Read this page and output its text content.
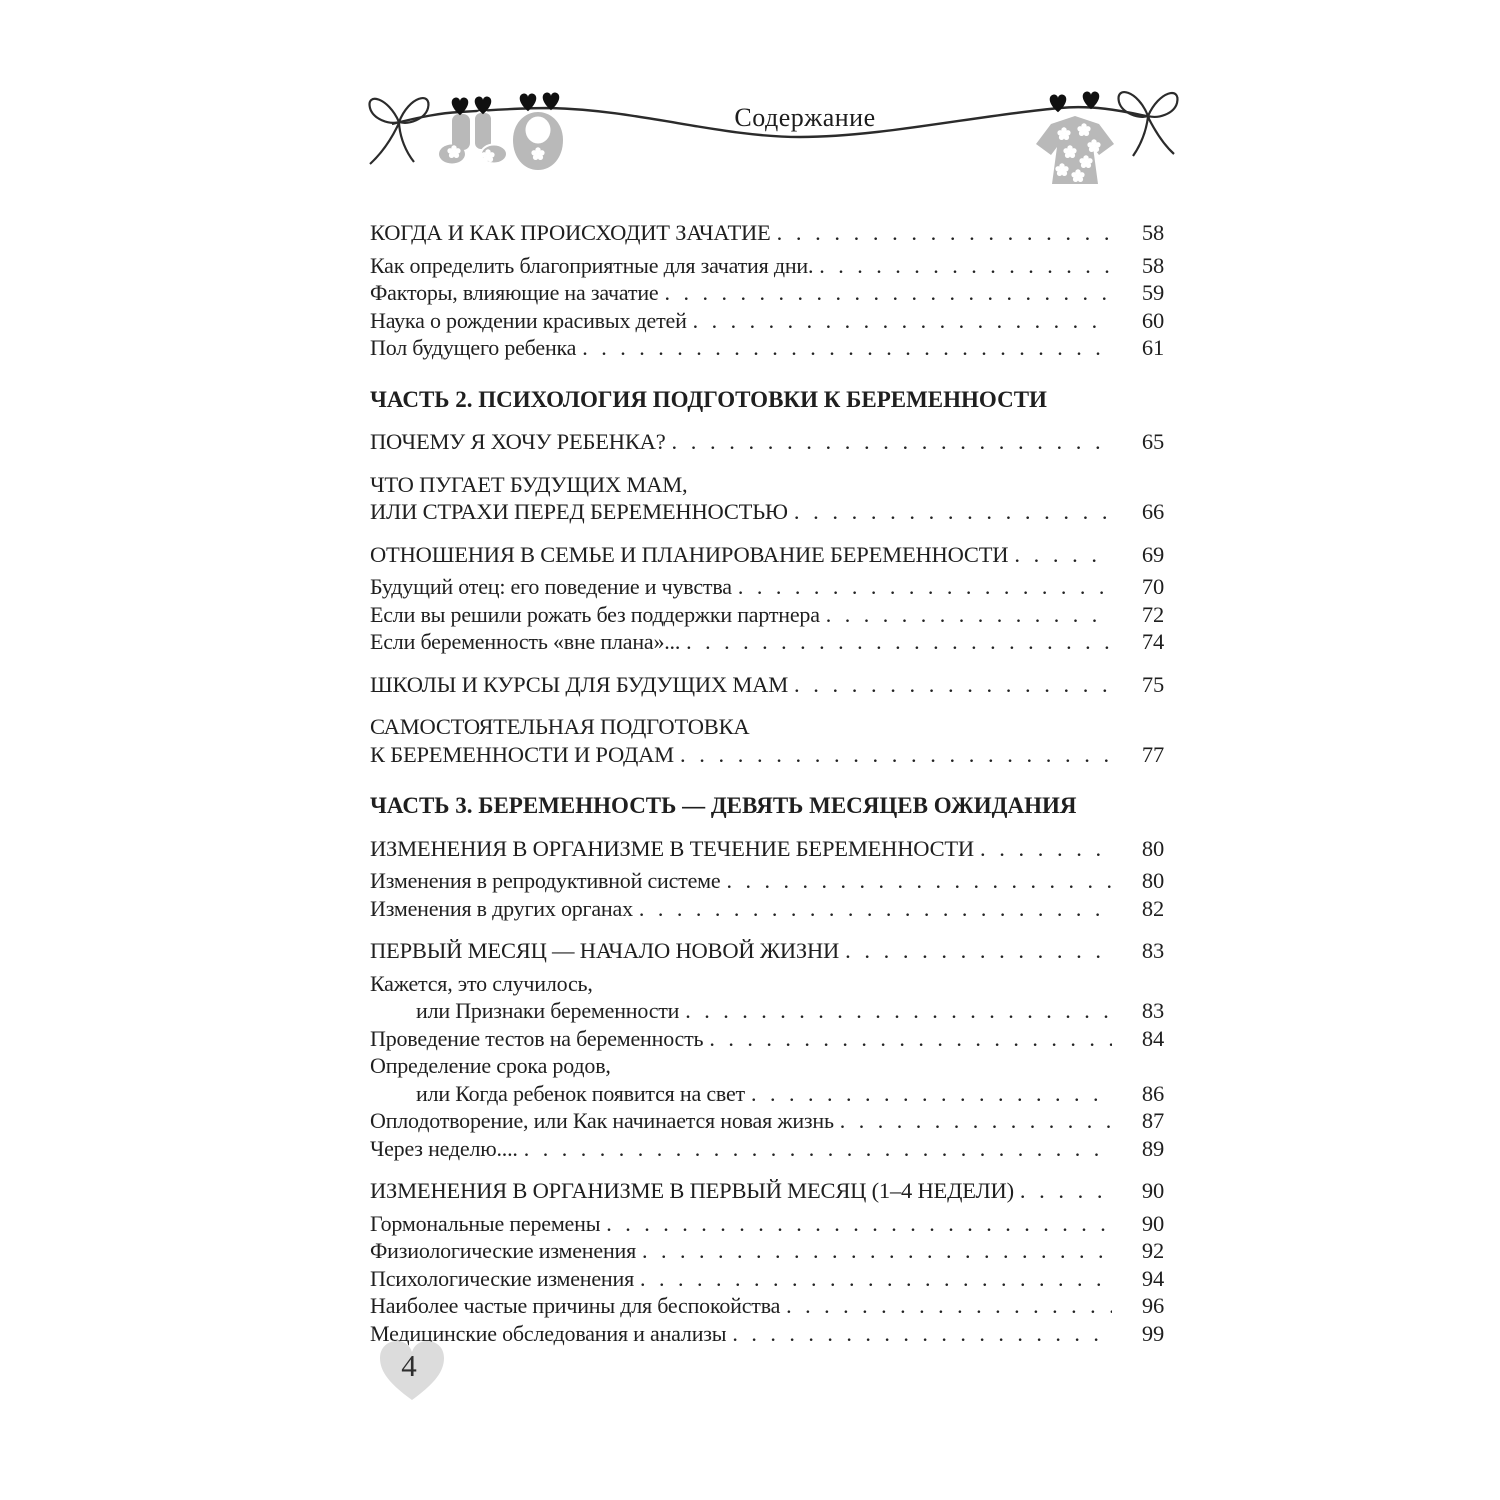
Содержание
КОГДА И КАК ПРОИСХОДИТ ЗАЧАТИЕ . . .	58
Как определить благоприятные для зачатия дни. . . .	58
Факторы, влияющие на зачатие . . .	59
Наука о рождении красивых детей . . .	60
Пол будущего ребенка . . .	61
ЧАСТЬ 2. ПСИХОЛОГИЯ ПОДГОТОВКИ К БЕРЕМЕННОСТИ
ПОЧЕМУ Я ХОЧУ РЕБЕНКА? . . .	65
ЧТО ПУГАЕТ БУДУЩИХ МАМ,
ИЛИ СТРАХИ ПЕРЕД БЕРЕМЕННОСТЬЮ . . .	66
ОТНОШЕНИЯ В СЕМЬЕ И ПЛАНИРОВАНИЕ БЕРЕМЕННОСТИ . . .	69
Будущий отец: его поведение и чувства . . .	70
Если вы решили рожать без поддержки партнера . . .	72
Если беременность «вне плана»... . . .	74
ШКОЛЫ И КУРСЫ ДЛЯ БУДУЩИХ МАМ . . .	75
САМОСТОЯТЕЛЬНАЯ ПОДГОТОВКА
К БЕРЕМЕННОСТИ И РОДАМ . . .	77
ЧАСТЬ 3. БЕРЕМЕННОСТЬ — ДЕВЯТЬ МЕСЯЦЕВ ОЖИДАНИЯ
ИЗМЕНЕНИЯ В ОРГАНИЗМЕ В ТЕЧЕНИЕ БЕРЕМЕННОСТИ . . .	80
Изменения в репродуктивной системе . . .	80
Изменения в других органах . . .	82
ПЕРВЫЙ МЕСЯЦ — НАЧАЛО НОВОЙ ЖИЗНИ . . .	83
Кажется, это случилось,
или Признаки беременности . . .	83
Проведение тестов на беременность . . .	84
Определение срока родов,
или Когда ребенок появится на свет . . .	86
Оплодотворение, или Как начинается новая жизнь . . .	87
Через неделю.... . . .	89
ИЗМЕНЕНИЯ В ОРГАНИЗМЕ В ПЕРВЫЙ МЕСЯЦ (1–4 НЕДЕЛИ) . . .	90
Гормональные перемены . . .	90
Физиологические изменения . . .	92
Психологические изменения . . .	94
Наиболее частые причины для беспокойства . . .	96
Медицинские обследования и анализы . . .	99
4
